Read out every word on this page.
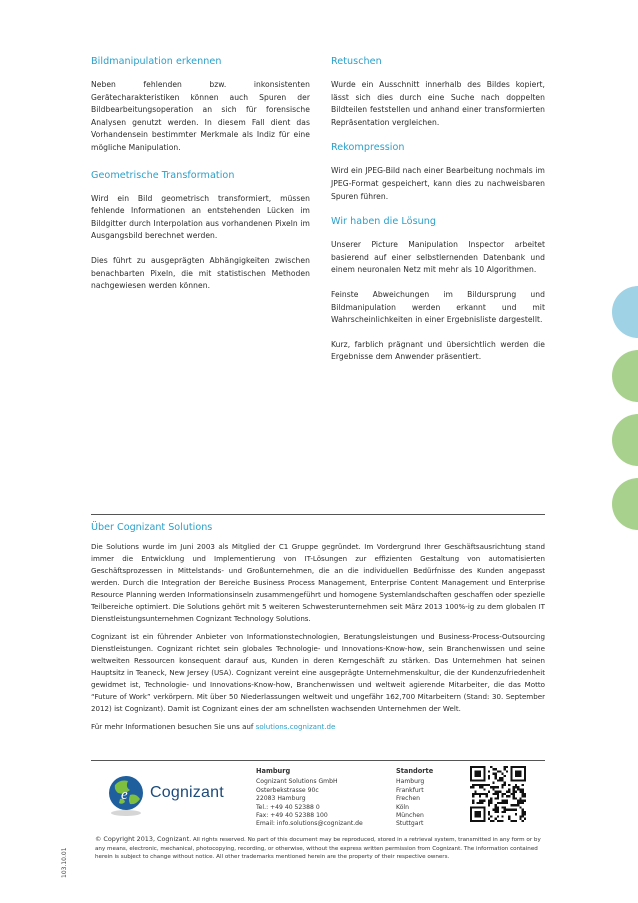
Bildmanipulation erkennen

Neben fehlenden bzw. inkonsistenten Gerätecharakteristiken können auch Spuren der Bildbearbeitungsoperation an sich für forensische Analysen genutzt werden. In diesem Fall dient das Vorhandensein bestimmter Merkmale als Indiz für eine mögliche Manipulation.

Geometrische Transformation

Wird ein Bild geometrisch transformiert, müssen fehlende Informationen an entstehenden Lücken im Bildgitter durch Interpolation aus vorhandenen Pixeln im Ausgangsbild berechnet werden.

Dies führt zu ausgeprägten Abhängigkeiten zwischen benachbarten Pixeln, die mit statistischen Methoden nachgewiesen werden können.

Retuschen

Wurde ein Ausschnitt innerhalb des Bildes kopiert, lässt sich dies durch eine Suche nach doppelten Bildteilen feststellen und anhand einer transformierten Repräsentation vergleichen.

Rekompression

Wird ein JPEG-Bild nach einer Bearbeitung nochmals im JPEG-Format gespeichert, kann dies zu nachweisbaren Spuren führen.

Wir haben die Lösung

Unserer Picture Manipulation Inspector arbeitet basierend auf einer selbstlernenden Datenbank und einem neuronalen Netz mit mehr als 10 Algorithmen.

Feinste Abweichungen im Bildursprung und Bildmanipulation werden erkannt und mit Wahrscheinlichkeiten in einer Ergebnisliste dargestellt.

Kurz, farblich prägnant und übersichtlich werden die Ergebnisse dem Anwender präsentiert.

Über Cognizant Solutions

Die Solutions wurde im Juni 2003 als Mitglied der C1 Gruppe gegründet. Im Vordergrund Ihrer Geschäftsausrichtung stand immer die Entwicklung und Implementierung von IT-Lösungen zur effizienten Gestaltung von automatisierten Geschäftsprozessen in Mittelstands- und Großunternehmen, die an die individuellen Bedürfnisse des Kunden angepasst werden. Durch die Integration der Bereiche Business Process Management, Enterprise Content Management und Enterprise Resource Planning werden Informationsinseln zusammengeführt und homogene Systemlandschaften geschaffen oder spezielle Teilbereiche optimiert. Die Solutions gehört mit 5 weiteren Schwesterunternehmen seit März 2013 100%-ig zu dem globalen IT Dienstleistungsunternehmen Cognizant Technology Solutions.

Cognizant ist ein führender Anbieter von Informationstechnologien, Beratungsleistungen und Business-Process-Outsourcing Dienstleistungen. Cognizant richtet sein globales Technologie- und Innovations-Know-how, sein Branchenwissen und seine weltweiten Ressourcen konsequent darauf aus, Kunden in deren Kerngeschäft zu stärken. Das Unternehmen hat seinen Hauptsitz in Teaneck, New Jersey (USA). Cognizant vereint eine ausgeprägte Unternehmenskultur, die der Kundenzufriedenheit gewidmet ist, Technologie- und Innovations-Know-how, Branchenwissen und weltweit agierende Mitarbeiter, die das Motto “Future of Work” verkörpern. Mit über 50 Niederlassungen weltweit und ungefähr 162,700 Mitarbeitern (Stand: 30. September 2012) ist Cognizant). Damit ist Cognizant eines der am schnellsten wachsenden Unternehmen der Welt.

Für mehr Informationen besuchen Sie uns auf solutions.cognizant.de

e Cognizant
Hamburg
Cognizant Solutions GmbH
Osterbekstrasse 90c
22083 Hamburg
Tel.: +49 40 52388 0
Fax: +49 40 52388 100
Email: info.solutions@cognizant.de
Standorte
Hamburg
Frankfurt
Frechen
Köln
München
Stuttgart
© Copyright 2013, Cognizant. All rights reserved. No part of this document may be reproduced, stored in a retrieval system, transmitted in any form or by any means, electronic, mechanical, photocopying, recording, or otherwise, without the express written permission from Cognizant. The information contained herein is subject to change without notice. All other trademarks mentioned herein are the property of their respective owners.
103.10.01
